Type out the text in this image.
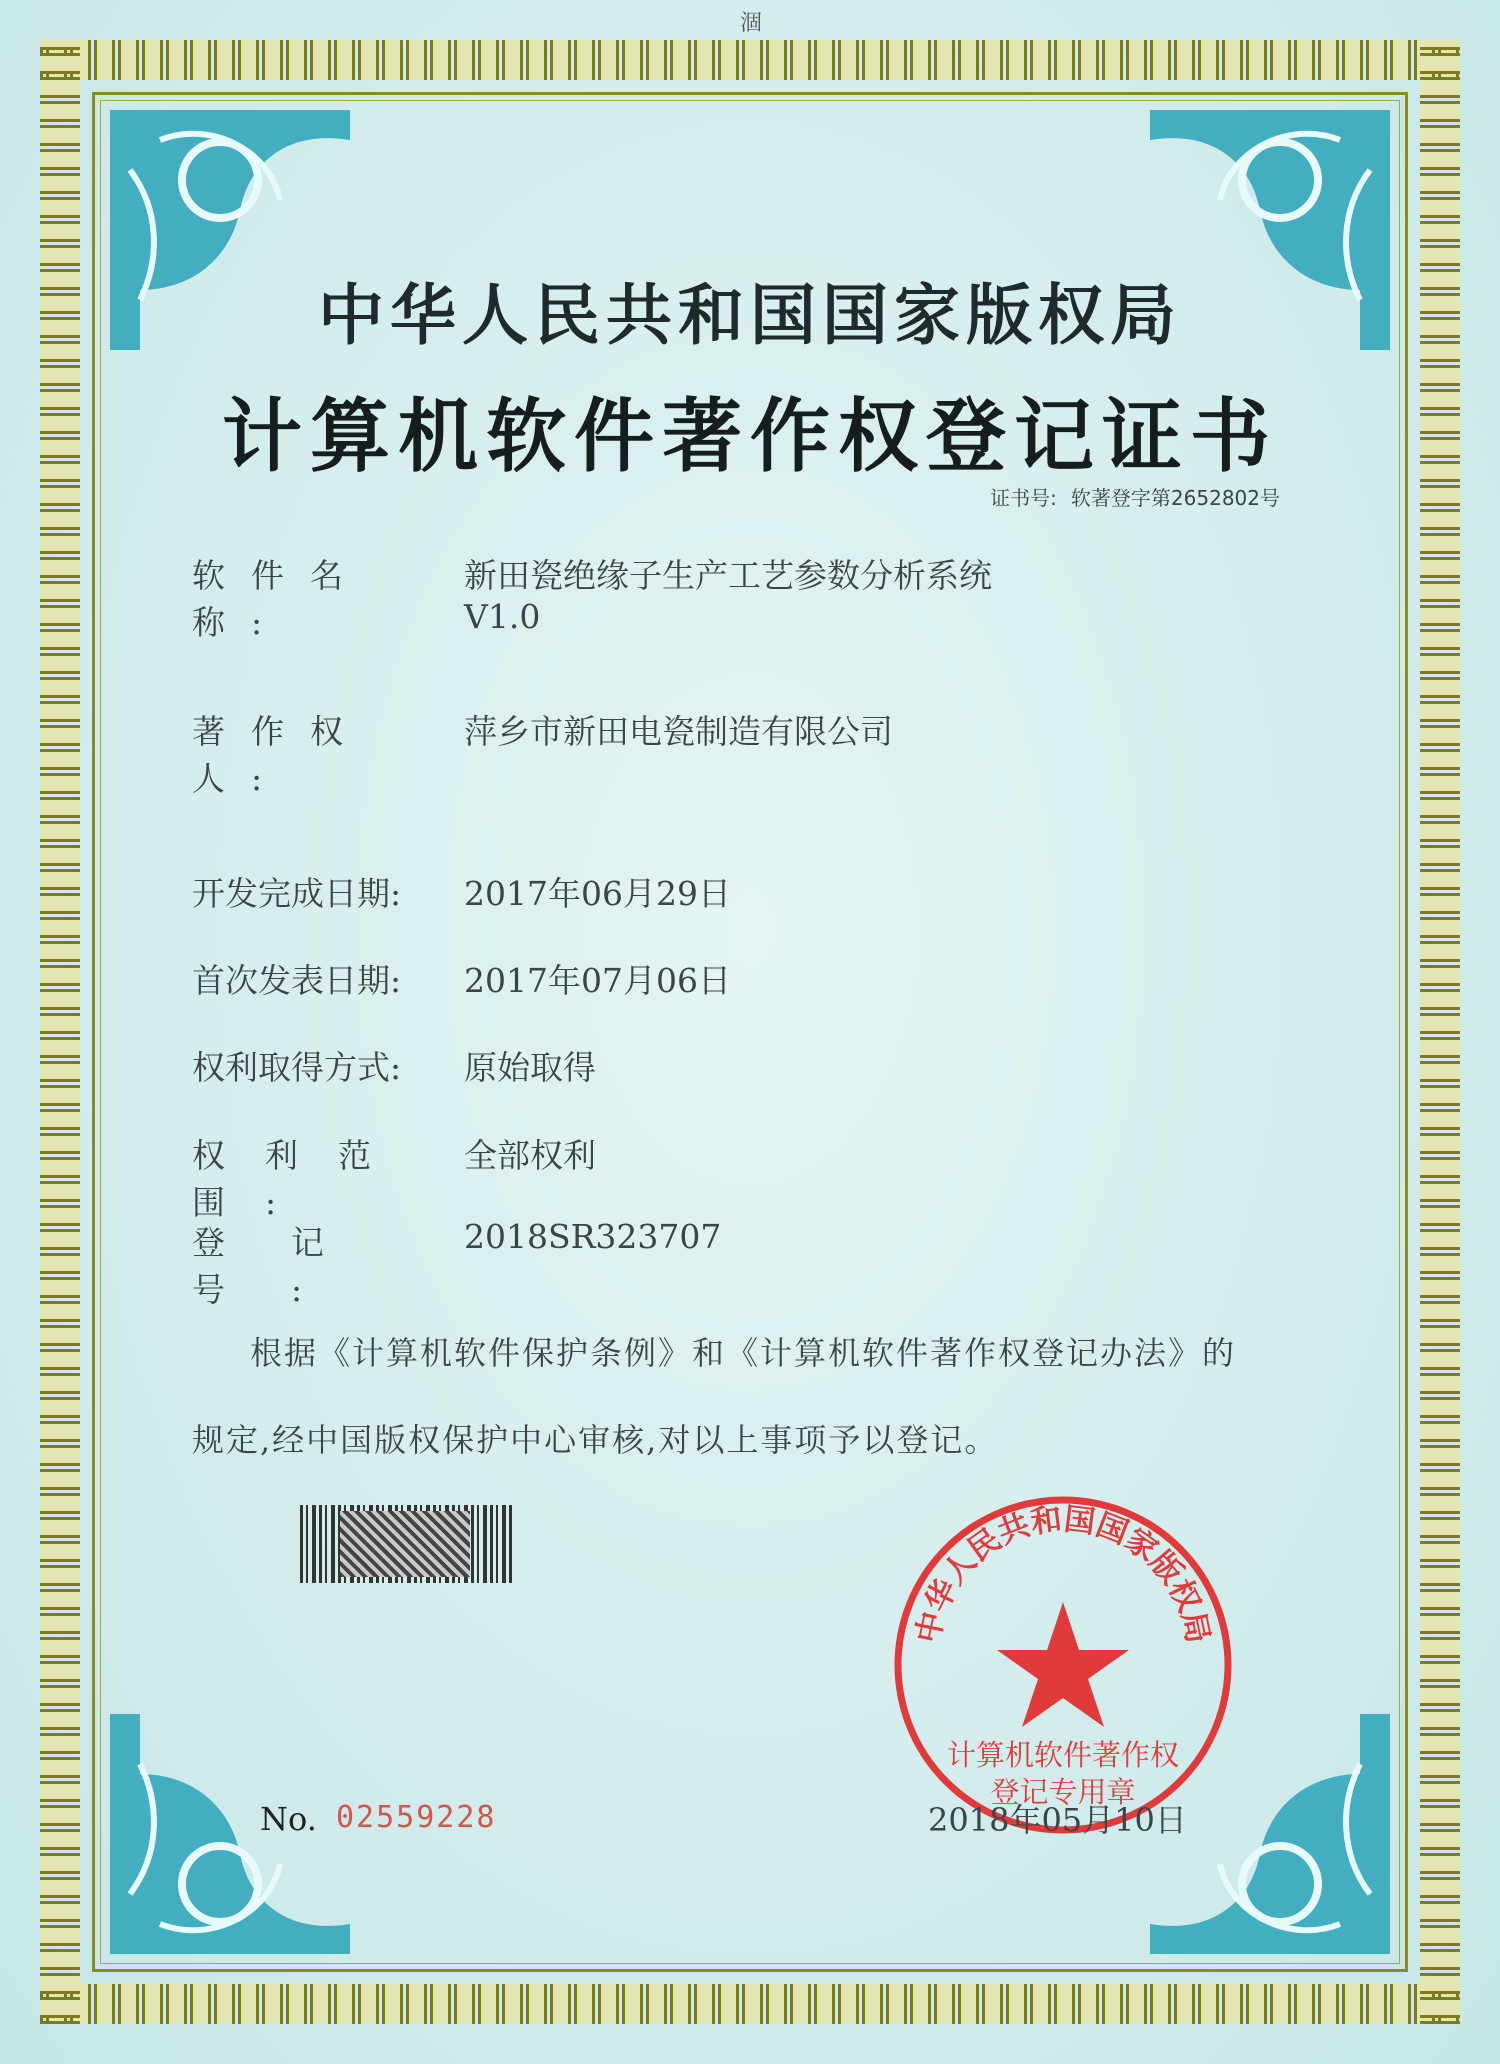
涸
中华人民共和国国家版权局
计算机软件著作权登记证书
证书号: 软著登字第2652802号
软件名称:新田瓷绝缘子生产工艺参数分析系统
V1.0
著作权人:萍乡市新田电瓷制造有限公司
开发完成日期: 2017年06月29日
首次发表日期: 2017年07月06日
权利取得方式: 原始取得
权利范围:全部权利
登记号:2018SR323707
根据《计算机软件保护条例》和《计算机软件著作权登记办法》的
规定,经中国版权保护中心审核,对以上事项予以登记。
中华人民共和国国家版权局
计算机软件著作权
登记专用章
No. 02559228	2018年05月10日
